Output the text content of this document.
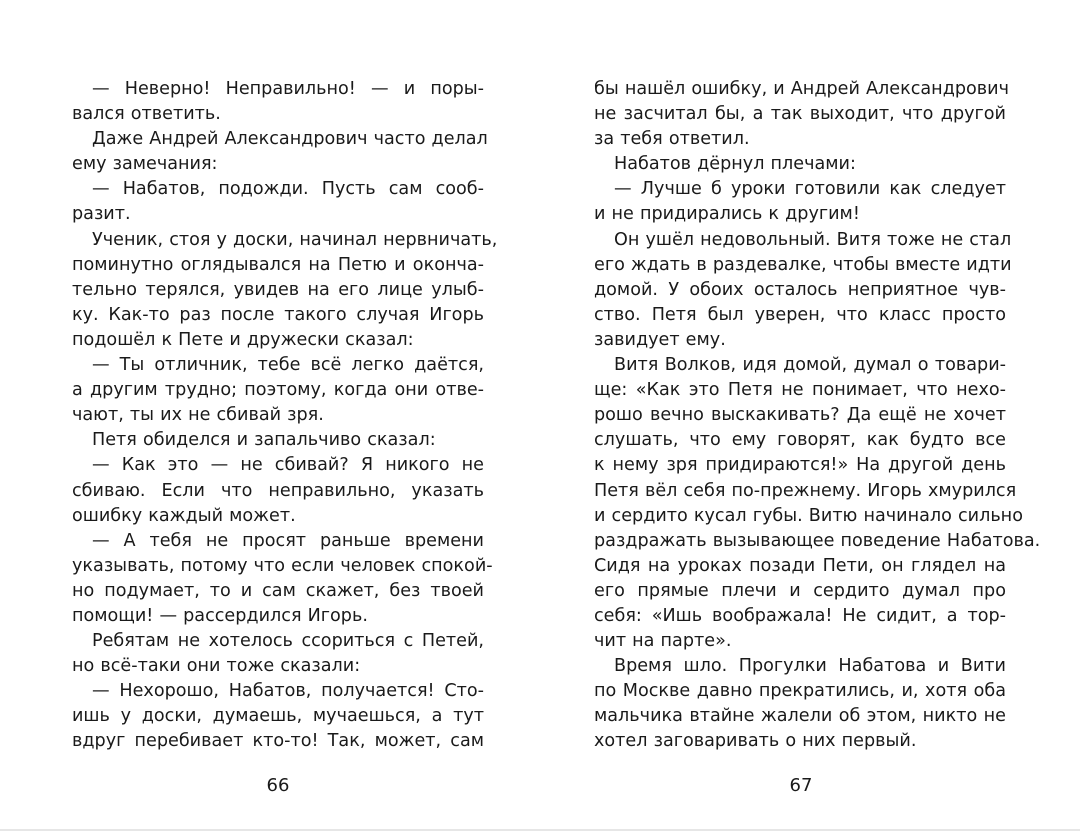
— Неверно! Неправильно! — и поры-
вался ответить.
Даже Андрей Александрович часто делал
ему замечания:
— Набатов, подожди. Пусть сам сооб-
разит.
Ученик, стоя у доски, начинал нервничать,
поминутно оглядывался на Петю и оконча-
тельно терялся, увидев на его лице улыб-
ку. Как-то раз после такого случая Игорь
подошёл к Пете и дружески сказал:
— Ты отличник, тебе всё легко даётся,
а другим трудно; поэтому, когда они отве-
чают, ты их не сбивай зря.
Петя обиделся и запальчиво сказал:
— Как это — не сбивай? Я никого не
сбиваю. Если что неправильно, указать
ошибку каждый может.
— А тебя не просят раньше времени
указывать, потому что если человек спокой-
но подумает, то и сам скажет, без твоей
помощи! — рассердился Игорь.
Ребятам не хотелось ссориться с Петей,
но всё-таки они тоже сказали:
— Нехорошо, Набатов, получается! Сто-
ишь у доски, думаешь, мучаешься, а тут
вдруг перебивает кто-то! Так, может, сам
66
бы нашёл ошибку, и Андрей Александрович
не засчитал бы, а так выходит, что другой
за тебя ответил.
Набатов дёрнул плечами:
— Лучше б уроки готовили как следует
и не придирались к другим!
Он ушёл недовольный. Витя тоже не стал
его ждать в раздевалке, чтобы вместе идти
домой. У обоих осталось неприятное чув-
ство. Петя был уверен, что класс просто
завидует ему.
Витя Волков, идя домой, думал о товари-
ще: «Как это Петя не понимает, что нехо-
рошо вечно выскакивать? Да ещё не хочет
слушать, что ему говорят, как будто все
к нему зря придираются!» На другой день
Петя вёл себя по-прежнему. Игорь хмурился
и сердито кусал губы. Витю начинало сильно
раздражать вызывающее поведение Набатова.
Сидя на уроках позади Пети, он глядел на
его прямые плечи и сердито думал про
себя: «Ишь воображала! Не сидит, а тор-
чит на парте».
Время шло. Прогулки Набатова и Вити
по Москве давно прекратились, и, хотя оба
мальчика втайне жалели об этом, никто не
хотел заговаривать о них первый.
67
